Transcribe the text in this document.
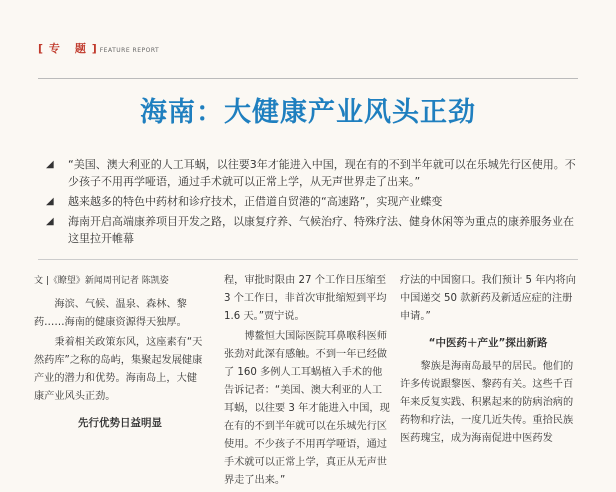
[ 专 题 ] FEATURE REPORT
海南：大健康产业风头正劲
◢	“美国、澳大利亚的人工耳蜗，以往要3年才能进入中国，现在有的不到半年就可以在乐城先行区使用。不少孩子不用再学哑语，通过手术就可以正常上学，从无声世界走了出来。”
◢	越来越多的特色中药材和诊疗技术，正借道自贸港的“高速路”，实现产业蝶变
◢	海南开启高端康养项目开发之路，以康复疗养、气候治疗、特殊疗法、健身休闲等为重点的康养服务业在这里拉开帷幕

文 |《瞭望》新闻周刊记者 陈凯姿

海滨、气候、温泉、森林、黎药……海南的健康资源得天独厚。

秉着相关政策东风，这座素有“天然药库”之称的岛屿，集聚起发展健康产业的潜力和优势。海南岛上，大健康产业风头正劲。

先行优势日益明显

程，审批时限由 27 个工作日压缩至 3 个工作日，非首次审批缩短到平均 1.6 天。”贾宁说。

博鳌恒大国际医院耳鼻喉科医师张劲对此深有感触。不到一年已经做了 160 多例人工耳蜗植入手术的他告诉记者：“美国、澳大利亚的人工耳蜗，以往要 3 年才能进入中国，现在有的不到半年就可以在乐城先行区使用。不少孩子不用再学哑语，通过手术就可以正常上学，真正从无声世界走了出来。”

疗法的中国窗口。我们预计 5 年内将向中国递交 50 款新药及新适应症的注册申请。”

“中医药＋产业”探出新路

黎族是海南岛最早的居民。他们的许多传说跟黎医、黎药有关。这些千百年来反复实践、积累起来的防病治病的药物和疗法，一度几近失传。重拾民族医药瑰宝，成为海南促进中医药发
